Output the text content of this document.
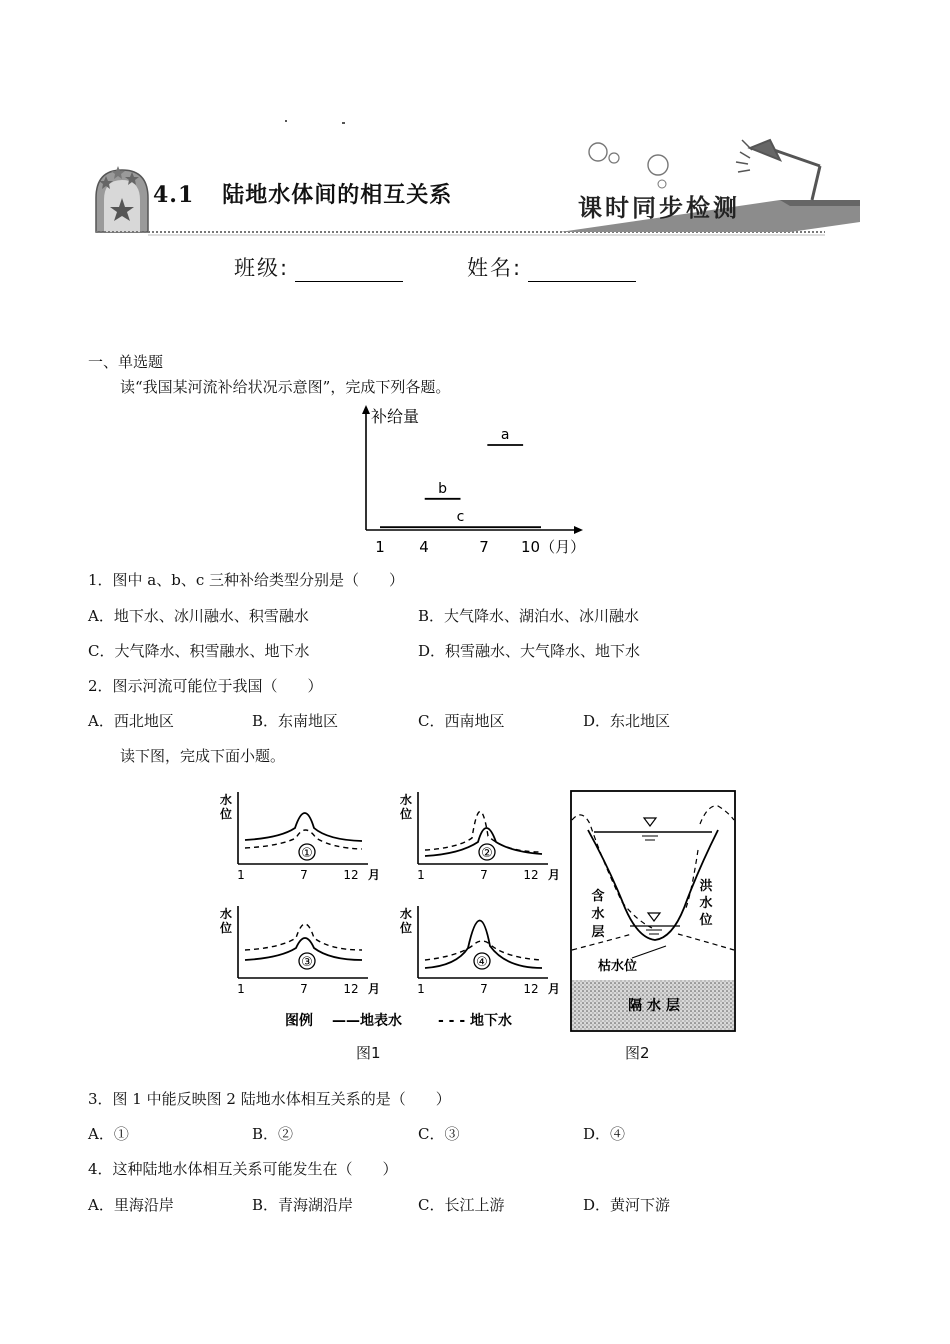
4.1 陆地水体间的相互关系	课时同步检测
班级:	姓名:
一、单选题
读“我国某河流补给状况示意图”，完成下列各题。
补给量
a
b
c
1 4	7 10（月）
1．图中 a、b、c 三种补给类型分别是（　　）
A．地下水、冰川融水、积雪融水	B．大气降水、湖泊水、冰川融水
C．大气降水、积雪融水、地下水	D．积雪融水、大气降水、地下水
2．图示河流可能位于我国（　　）
A．西北地区	B．东南地区	C．西南地区	D．东北地区
读下图，完成下面小题。
水
位
①
1	7	12 月
水
位
②
1	7	12 月
水
位
③
1	7	12 月
水
位
④
1	7	12 月
图例 ——地表水	- - - 地下水
图1
含
水
层
洪
水
位
枯水位
隔 水 层
图2
3．图 1 中能反映图 2 陆地水体相互关系的是（　　）
A．①	B．②	C．③	D．④
4．这种陆地水体相互关系可能发生在（　　）
A．里海沿岸	B．青海湖沿岸	C．长江上游	D．黄河下游
